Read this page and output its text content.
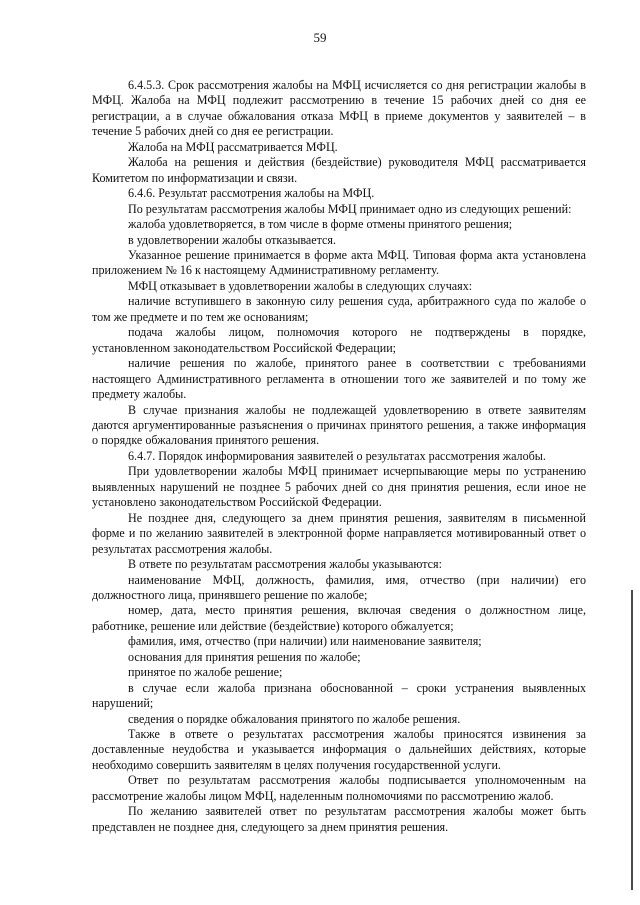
59

6.4.5.3. Срок рассмотрения жалобы на МФЦ исчисляется со дня регистрации жалобы в МФЦ. Жалоба на МФЦ подлежит рассмотрению в течение 15 рабочих дней со дня ее регистрации, а в случае обжалования отказа МФЦ в приеме документов у заявителей – в течение 5 рабочих дней со дня ее регистрации.

Жалоба на МФЦ рассматривается МФЦ.

Жалоба на решения и действия (бездействие) руководителя МФЦ рассматривается Комитетом по информатизации и связи.

6.4.6. Результат рассмотрения жалобы на МФЦ.

По результатам рассмотрения жалобы МФЦ принимает одно из следующих решений:

жалоба удовлетворяется, в том числе в форме отмены принятого решения;

в удовлетворении жалобы отказывается.

Указанное решение принимается в форме акта МФЦ. Типовая форма акта установлена приложением № 16 к настоящему Административному регламенту.

МФЦ отказывает в удовлетворении жалобы в следующих случаях:

наличие вступившего в законную силу решения суда, арбитражного суда по жалобе о том же предмете и по тем же основаниям;

подача жалобы лицом, полномочия которого не подтверждены в порядке, установленном законодательством Российской Федерации;

наличие решения по жалобе, принятого ранее в соответствии с требованиями настоящего Административного регламента в отношении того же заявителей и по тому же предмету жалобы.

В случае признания жалобы не подлежащей удовлетворению в ответе заявителям даются аргументированные разъяснения о причинах принятого решения, а также информация о порядке обжалования принятого решения.

6.4.7. Порядок информирования заявителей о результатах рассмотрения жалобы.

При удовлетворении жалобы МФЦ принимает исчерпывающие меры по устранению выявленных нарушений не позднее 5 рабочих дней со дня принятия решения, если иное не установлено законодательством Российской Федерации.

Не позднее дня, следующего за днем принятия решения, заявителям в письменной форме и по желанию заявителей в электронной форме направляется мотивированный ответ о результатах рассмотрения жалобы.

В ответе по результатам рассмотрения жалобы указываются:

наименование МФЦ, должность, фамилия, имя, отчество (при наличии) его должностного лица, принявшего решение по жалобе;

номер, дата, место принятия решения, включая сведения о должностном лице, работнике, решение или действие (бездействие) которого обжалуется;

фамилия, имя, отчество (при наличии) или наименование заявителя;

основания для принятия решения по жалобе;

принятое по жалобе решение;

в случае если жалоба признана обоснованной – сроки устранения выявленных нарушений;

сведения о порядке обжалования принятого по жалобе решения.

Также в ответе о результатах рассмотрения жалобы приносятся извинения за доставленные неудобства и указывается информация о дальнейших действиях, которые необходимо совершить заявителям в целях получения государственной услуги.

Ответ по результатам рассмотрения жалобы подписывается уполномоченным на рассмотрение жалобы лицом МФЦ, наделенным полномочиями по рассмотрению жалоб.

По желанию заявителей ответ по результатам рассмотрения жалобы может быть представлен не позднее дня, следующего за днем принятия решения.
